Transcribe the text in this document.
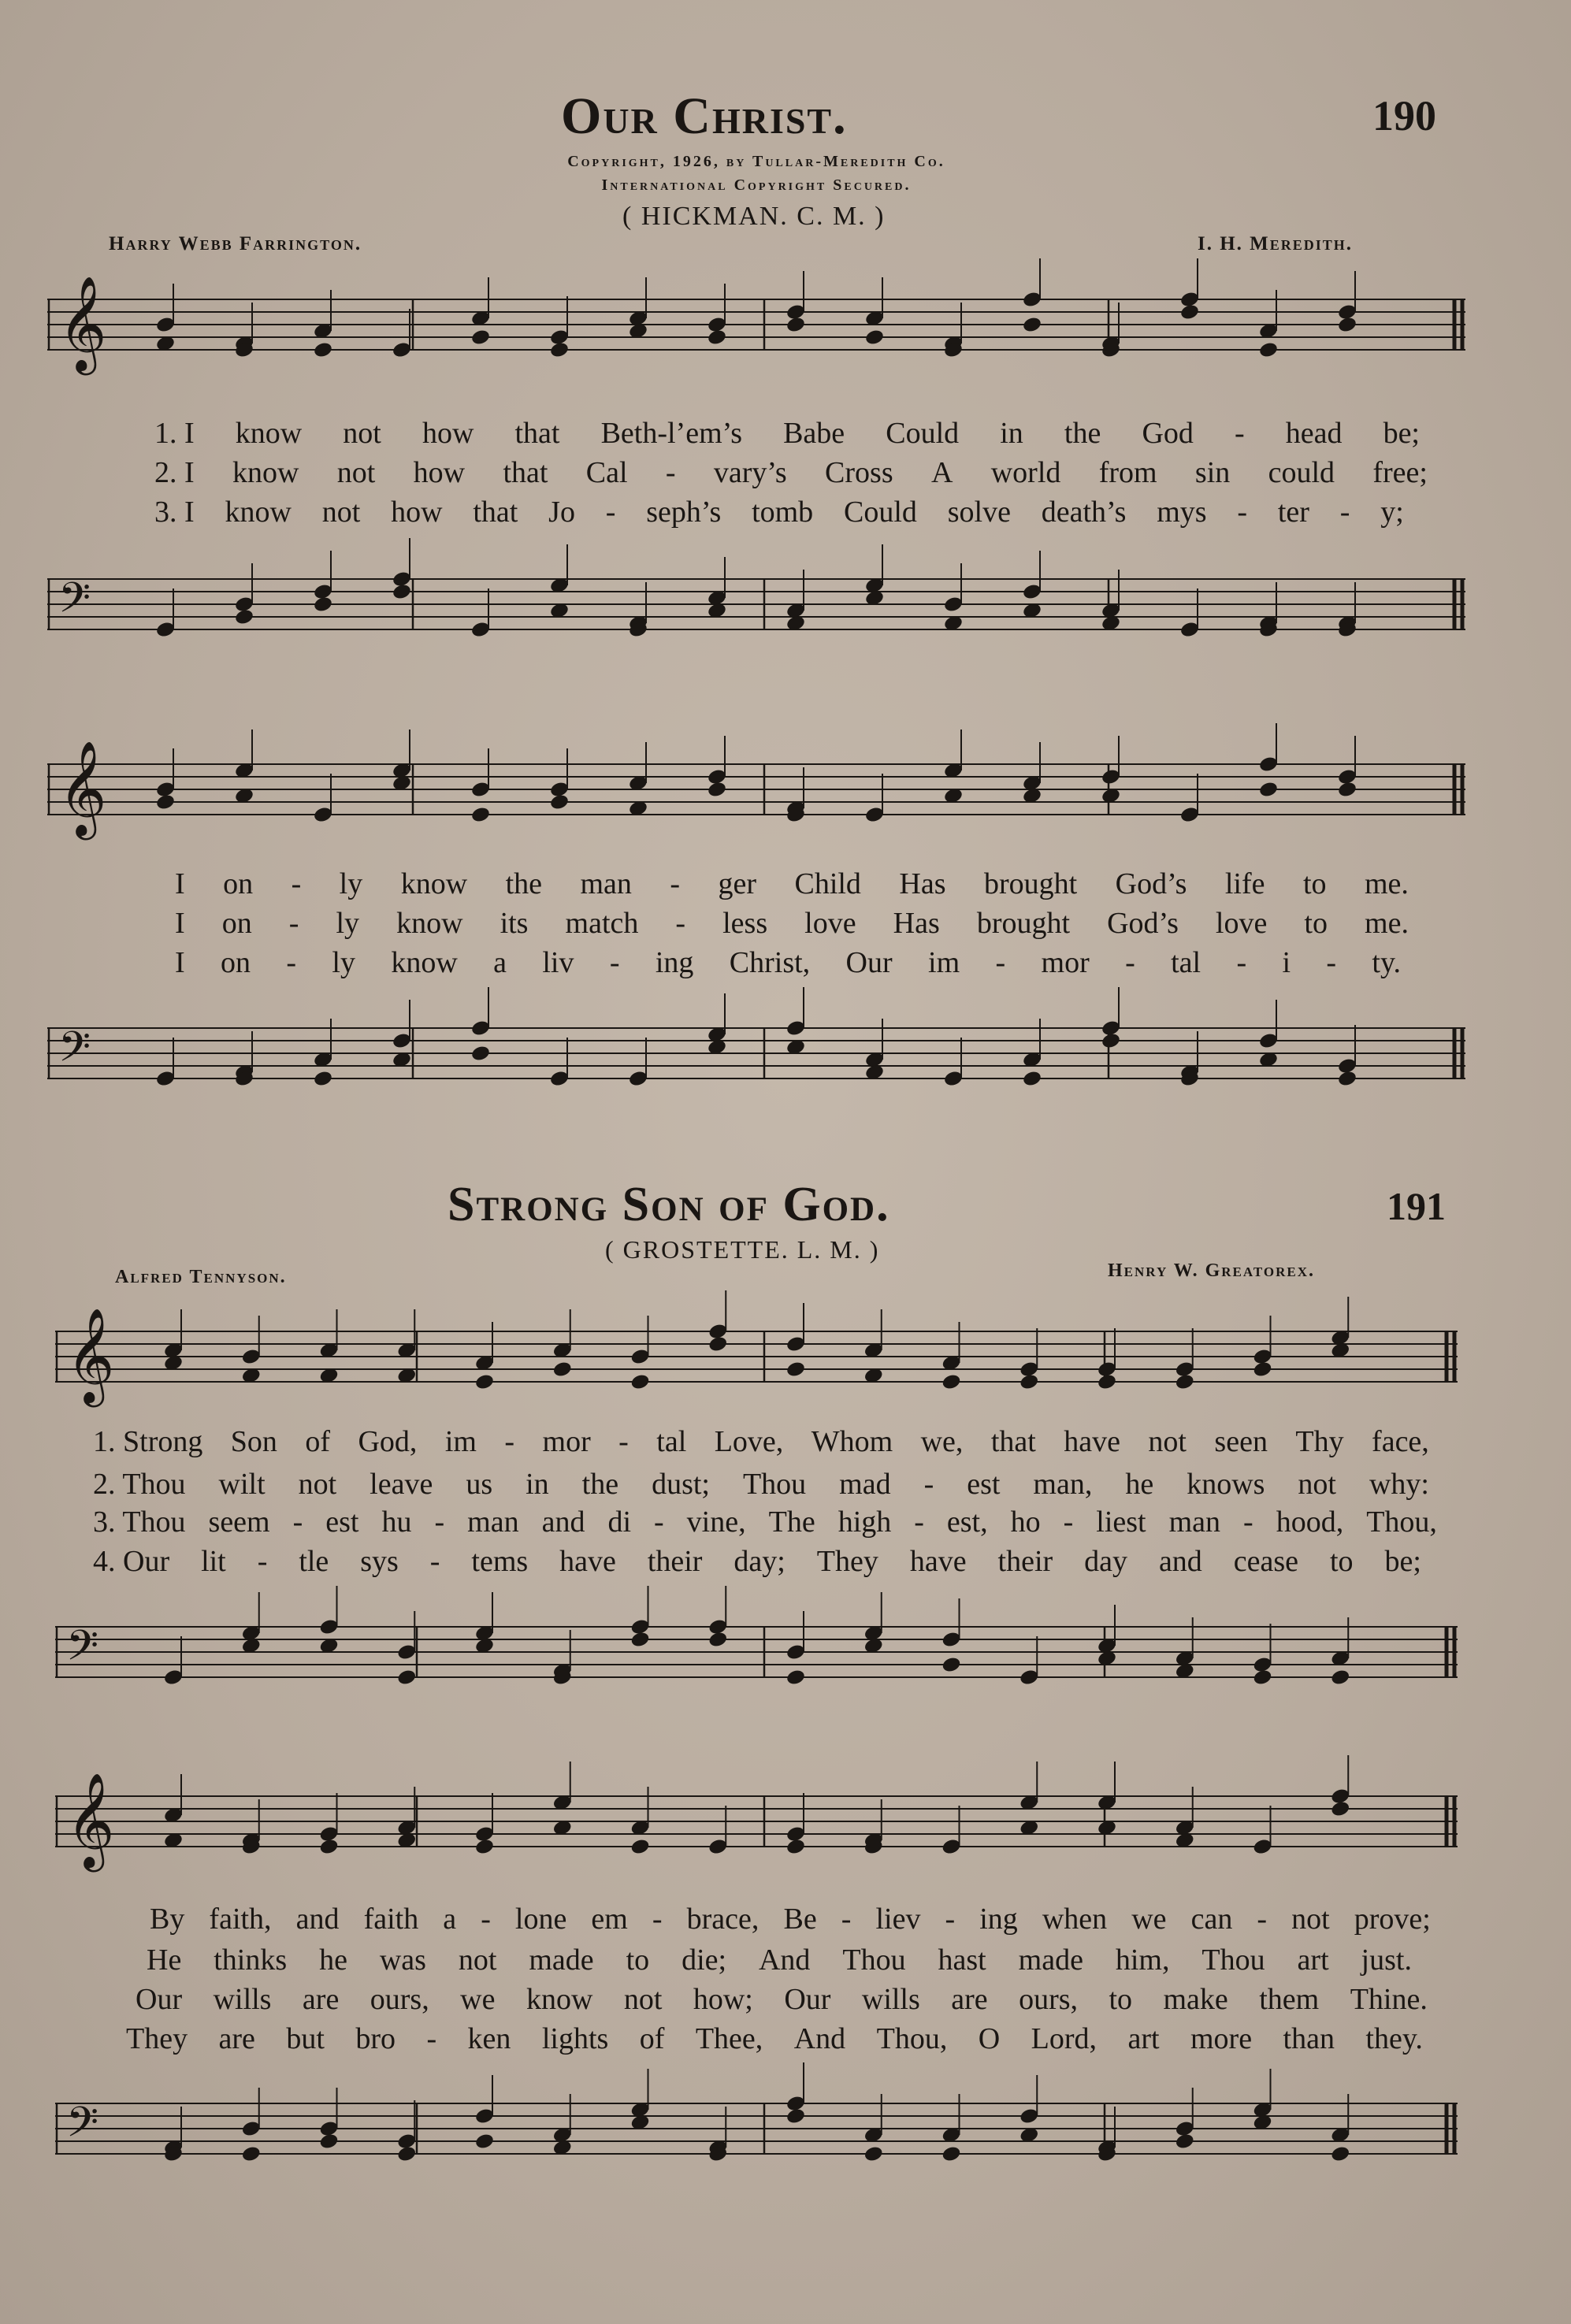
Our Christ.	190
Copyright, 1926, by Tullar-Meredith Co.
International Copyright Secured.
( HICKMAN. C. M. )
Harry Webb Farrington.	I. H. Meredith.
𝄞
1. I know not how that Beth-l’em’s Babe Could in the God - head be;
2. I know not how that Cal - vary’s Cross A world from sin could free;
3. I know not how that Jo - seph’s tomb Could solve death’s mys - ter - y;
𝄢
𝄞
I on - ly know the man - ger Child Has brought God’s life to me.
I on - ly know its match - less love Has brought God’s love to me.
I on - ly know a liv - ing Christ, Our im - mor - tal - i - ty.
𝄢
Strong Son of God.	191
( GROSTETTE. L. M. )
Alfred Tennyson.	Henry W. Greatorex.
𝄞
1. Strong Son of God, im - mor - tal Love, Whom we, that have not seen Thy face,
2. Thou wilt not leave us in the dust; Thou mad - est man, he knows not why:
3. Thou seem - est hu - man and di - vine, The high - est, ho - liest man - hood, Thou,
4. Our lit - tle sys - tems have their day; They have their day and cease to be;
𝄢
𝄞
By faith, and faith a - lone em - brace, Be - liev - ing when we can - not prove;
He thinks he was not made to die; And Thou hast made him, Thou art just.
Our wills are ours, we know not how; Our wills are ours, to make them Thine.
They are but bro - ken lights of Thee, And Thou, O Lord, art more than they.
𝄢
